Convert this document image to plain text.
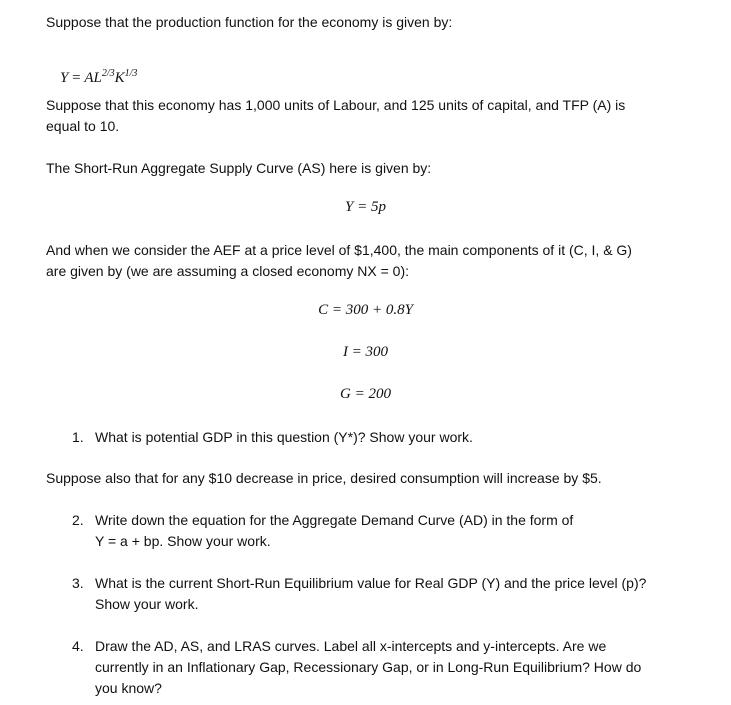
Suppose that the production function for the economy is given by:
$Y = AL^{2/3}K^{1/3}$
Suppose that this economy has 1,000 units of Labour, and 125 units of capital, and TFP (A) is
equal to 10.
The Short-Run Aggregate Supply Curve (AS) here is given by:
Y = 5p
And when we consider the AEF at a price level of $1,400, the main components of it (C, I, & G)
are given by (we are assuming a closed economy NX = 0):
C = 300 + 0.8Y
I = 300
G = 200
1. What is potential GDP in this question (Y*)? Show your work.
Suppose also that for any $10 decrease in price, desired consumption will increase by $5.
2. Write down the equation for the Aggregate Demand Curve (AD) in the form of
Y = a + bp. Show your work.
3. What is the current Short-Run Equilibrium value for Real GDP (Y) and the price level (p)?
Show your work.
4. Draw the AD, AS, and LRAS curves. Label all x-intercepts and y-intercepts. Are we
currently in an Inflationary Gap, Recessionary Gap, or in Long-Run Equilibrium? How do
you know?
